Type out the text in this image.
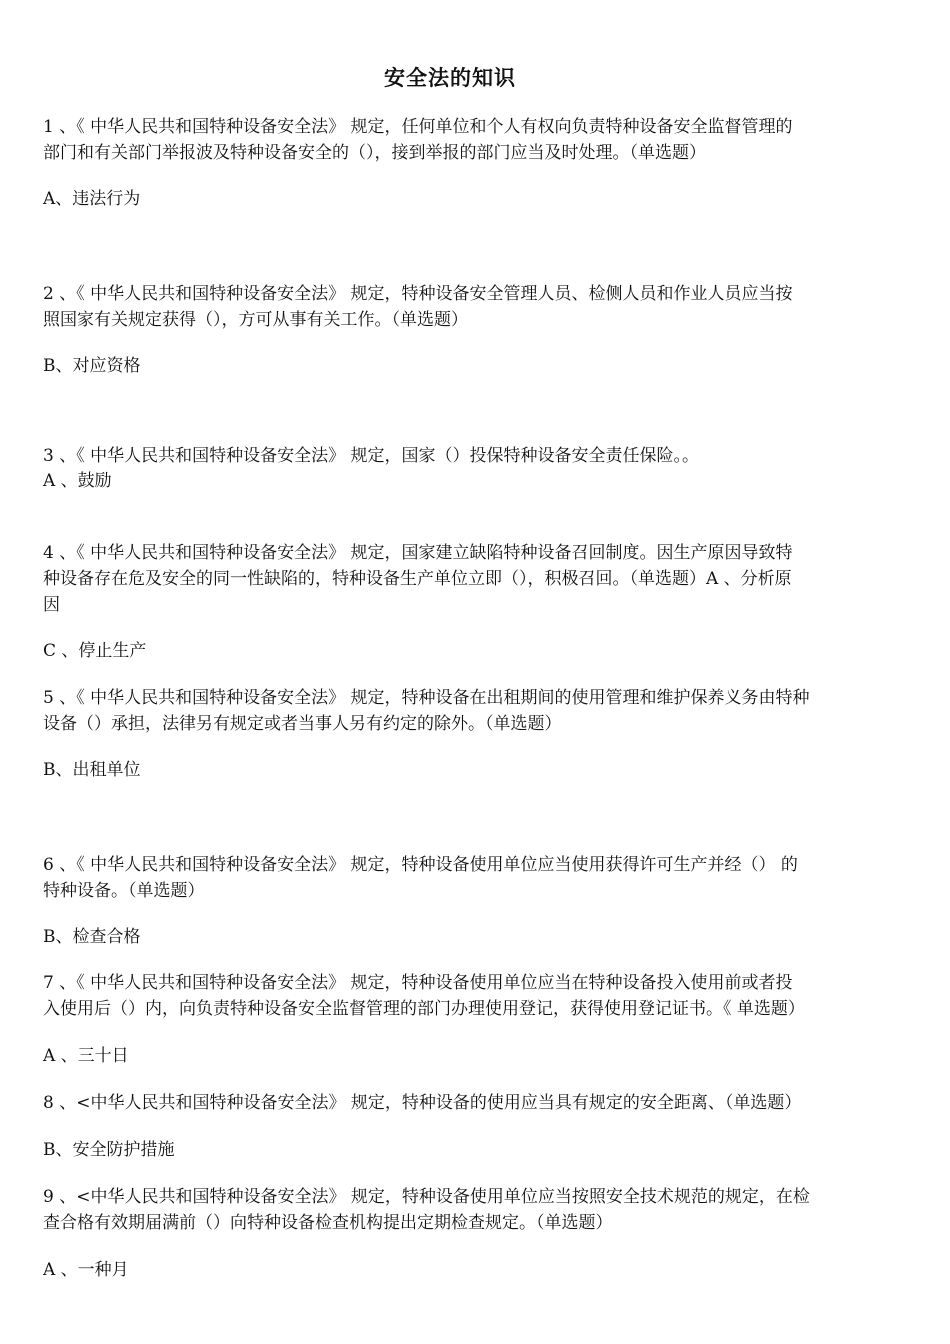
安全法的知识
1 、《 中华人民共和国特种设备安全法》 规定，任何单位和个人有权向负责特种设备安全监督管理的
部门和有关部门举报波及特种设备安全的（），接到举报的部门应当及时处理。（单选题）
A、违法行为
2 、《 中华人民共和国特种设备安全法》 规定，特种设备安全管理人员、检侧人员和作业人员应当按
照国家有关规定获得（），方可从事有关工作。（单选题）
B、对应资格
3 、《 中华人民共和国特种设备安全法》 规定，国家（）投保特种设备安全责任保险。。
A 、鼓励
4 、《 中华人民共和国特种设备安全法》 规定，国家建立缺陷特种设备召回制度。因生产原因导致特
种设备存在危及安全的同一性缺陷的，特种设备生产单位立即（），积极召回。（单选题）A 、分析原
因
C 、停止生产
5 、《 中华人民共和国特种设备安全法》 规定，特种设备在出租期间的使用管理和维护保养义务由特种
设备（）承担，法律另有规定或者当事人另有约定的除外。（单选题）
B、出租单位
6 、《 中华人民共和国特种设备安全法》 规定，特种设备使用单位应当使用获得许可生产并经（） 的
特种设备。（单选题）
B、检查合格
7 、《 中华人民共和国特种设备安全法》 规定，特种设备使用单位应当在特种设备投入使用前或者投
入使用后（）内，向负责特种设备安全监督管理的部门办理使用登记，获得使用登记证书。《 单选题）
A 、三十日
8 、<中华人民共和国特种设备安全法》 规定，特种设备的使用应当具有规定的安全距离、（单选题）
B、安全防护措施
9 、<中华人民共和国特种设备安全法》 规定，特种设备使用单位应当按照安全技术规范的规定，在检
查合格有效期届满前（）向特种设备检查机构提出定期检查规定。（单选题）
A 、一种月
